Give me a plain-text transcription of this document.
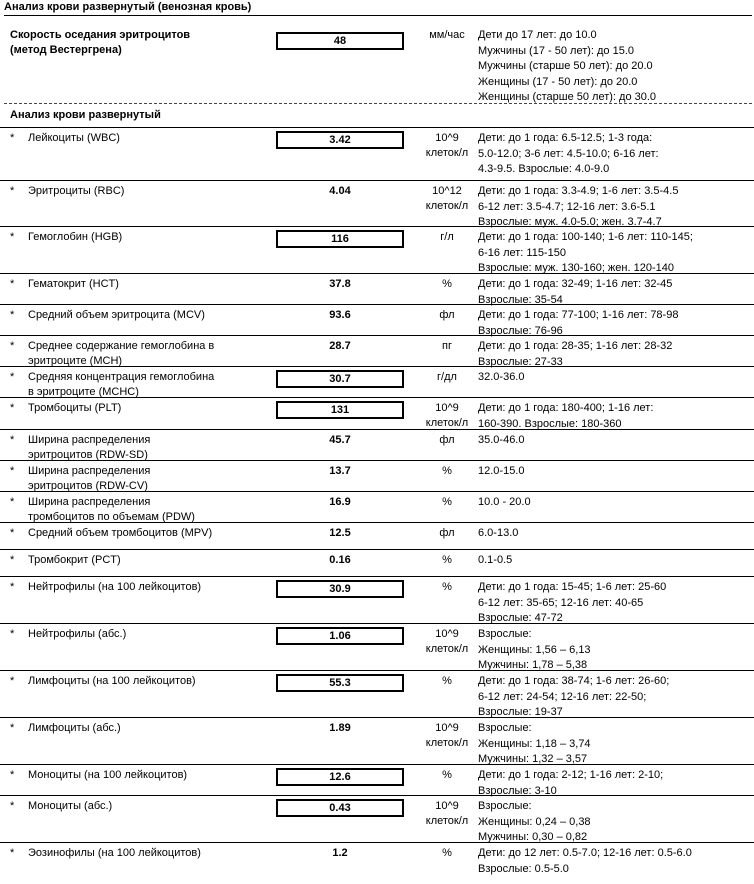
Анализ крови развернутый (венозная кровь)
Скорость оседания эритроцитов
(метод Вестергрена)
48	мм/час	Дети до 17 лет: до 10.0
Мужчины (17 - 50 лет): до 15.0
Мужчины (старше 50 лет): до 20.0
Женщины (17 - 50 лет): до 20.0
Женщины (старше 50 лет): до 30.0
Анализ крови развернутый
* Лейкоциты (WBC)	3.42	10^9
клеток/л
Дети: до 1 года: 6.5-12.5; 1-3 года:
5.0-12.0; 3-6 лет: 4.5-10.0; 6-16 лет:
4.3-9.5. Взрослые: 4.0-9.0
* Эритроциты (RBC)	4.04	10^12
клеток/л
Дети: до 1 года: 3.3-4.9; 1-6 лет: 3.5-4.5
6-12 лет: 3.5-4.7; 12-16 лет: 3.6-5.1
Взрослые: муж. 4.0-5.0; жен. 3.7-4.7
* Гемоглобин (HGB)	116	г/л	Дети: до 1 года: 100-140; 1-6 лет: 110-145;
6-16 лет: 115-150
Взрослые: муж. 130-160; жен. 120-140
* Гематокрит (HCT)	37.8	%	Дети: до 1 года: 32-49; 1-16 лет: 32-45
Взрослые: 35-54
* Средний объем эритроцита (MCV)	93.6	фл	Дети: до 1 года: 77-100; 1-16 лет: 78-98
Взрослые: 76-96
* Среднее содержание гемоглобина в
эритроците (MCH)
28.7	пг	Дети: до 1 года: 28-35; 1-16 лет: 28-32
Взрослые: 27-33
* Средняя концентрация гемоглобина
в эритроците (MCHC)
30.7	г/дл	32.0-36.0
* Тромбоциты (PLT)	131	10^9
клеток/л
Дети: до 1 года: 180-400; 1-16 лет:
160-390. Взрослые: 180-360
* Ширина распределения
эритроцитов (RDW-SD)
45.7	фл	35.0-46.0
* Ширина распределения
эритроцитов (RDW-CV)
13.7	%	12.0-15.0
* Ширина распределения
тромбоцитов по объемам (PDW)
16.9	%	10.0 - 20.0
* Средний объем тромбоцитов (MPV)	12.5	фл	6.0-13.0
* Тромбокрит (PCT)	0.16	%	0.1-0.5
* Нейтрофилы (на 100 лейкоцитов)	30.9	%	Дети: до 1 года: 15-45; 1-6 лет: 25-60
6-12 лет: 35-65; 12-16 лет: 40-65
Взрослые: 47-72
* Нейтрофилы (абс.)	1.06	10^9
клеток/л
Взрослые:
Женщины: 1,56 – 6,13
Мужчины: 1,78 – 5,38
* Лимфоциты (на 100 лейкоцитов)	55.3	%	Дети: до 1 года: 38-74; 1-6 лет: 26-60;
6-12 лет: 24-54; 12-16 лет: 22-50;
Взрослые: 19-37
* Лимфоциты (абс.)	1.89	10^9
клеток/л
Взрослые:
Женщины: 1,18 – 3,74
Мужчины: 1,32 – 3,57
* Моноциты (на 100 лейкоцитов)	12.6	%	Дети: до 1 года: 2-12; 1-16 лет: 2-10;
Взрослые: 3-10
* Моноциты (абс.)	0.43	10^9
клеток/л
Взрослые:
Женщины: 0,24 – 0,38
Мужчины: 0,30 – 0,82
* Эозинофилы (на 100 лейкоцитов)	1.2	%	Дети: до 12 лет: 0.5-7.0; 12-16 лет: 0.5-6.0
Взрослые: 0.5-5.0
